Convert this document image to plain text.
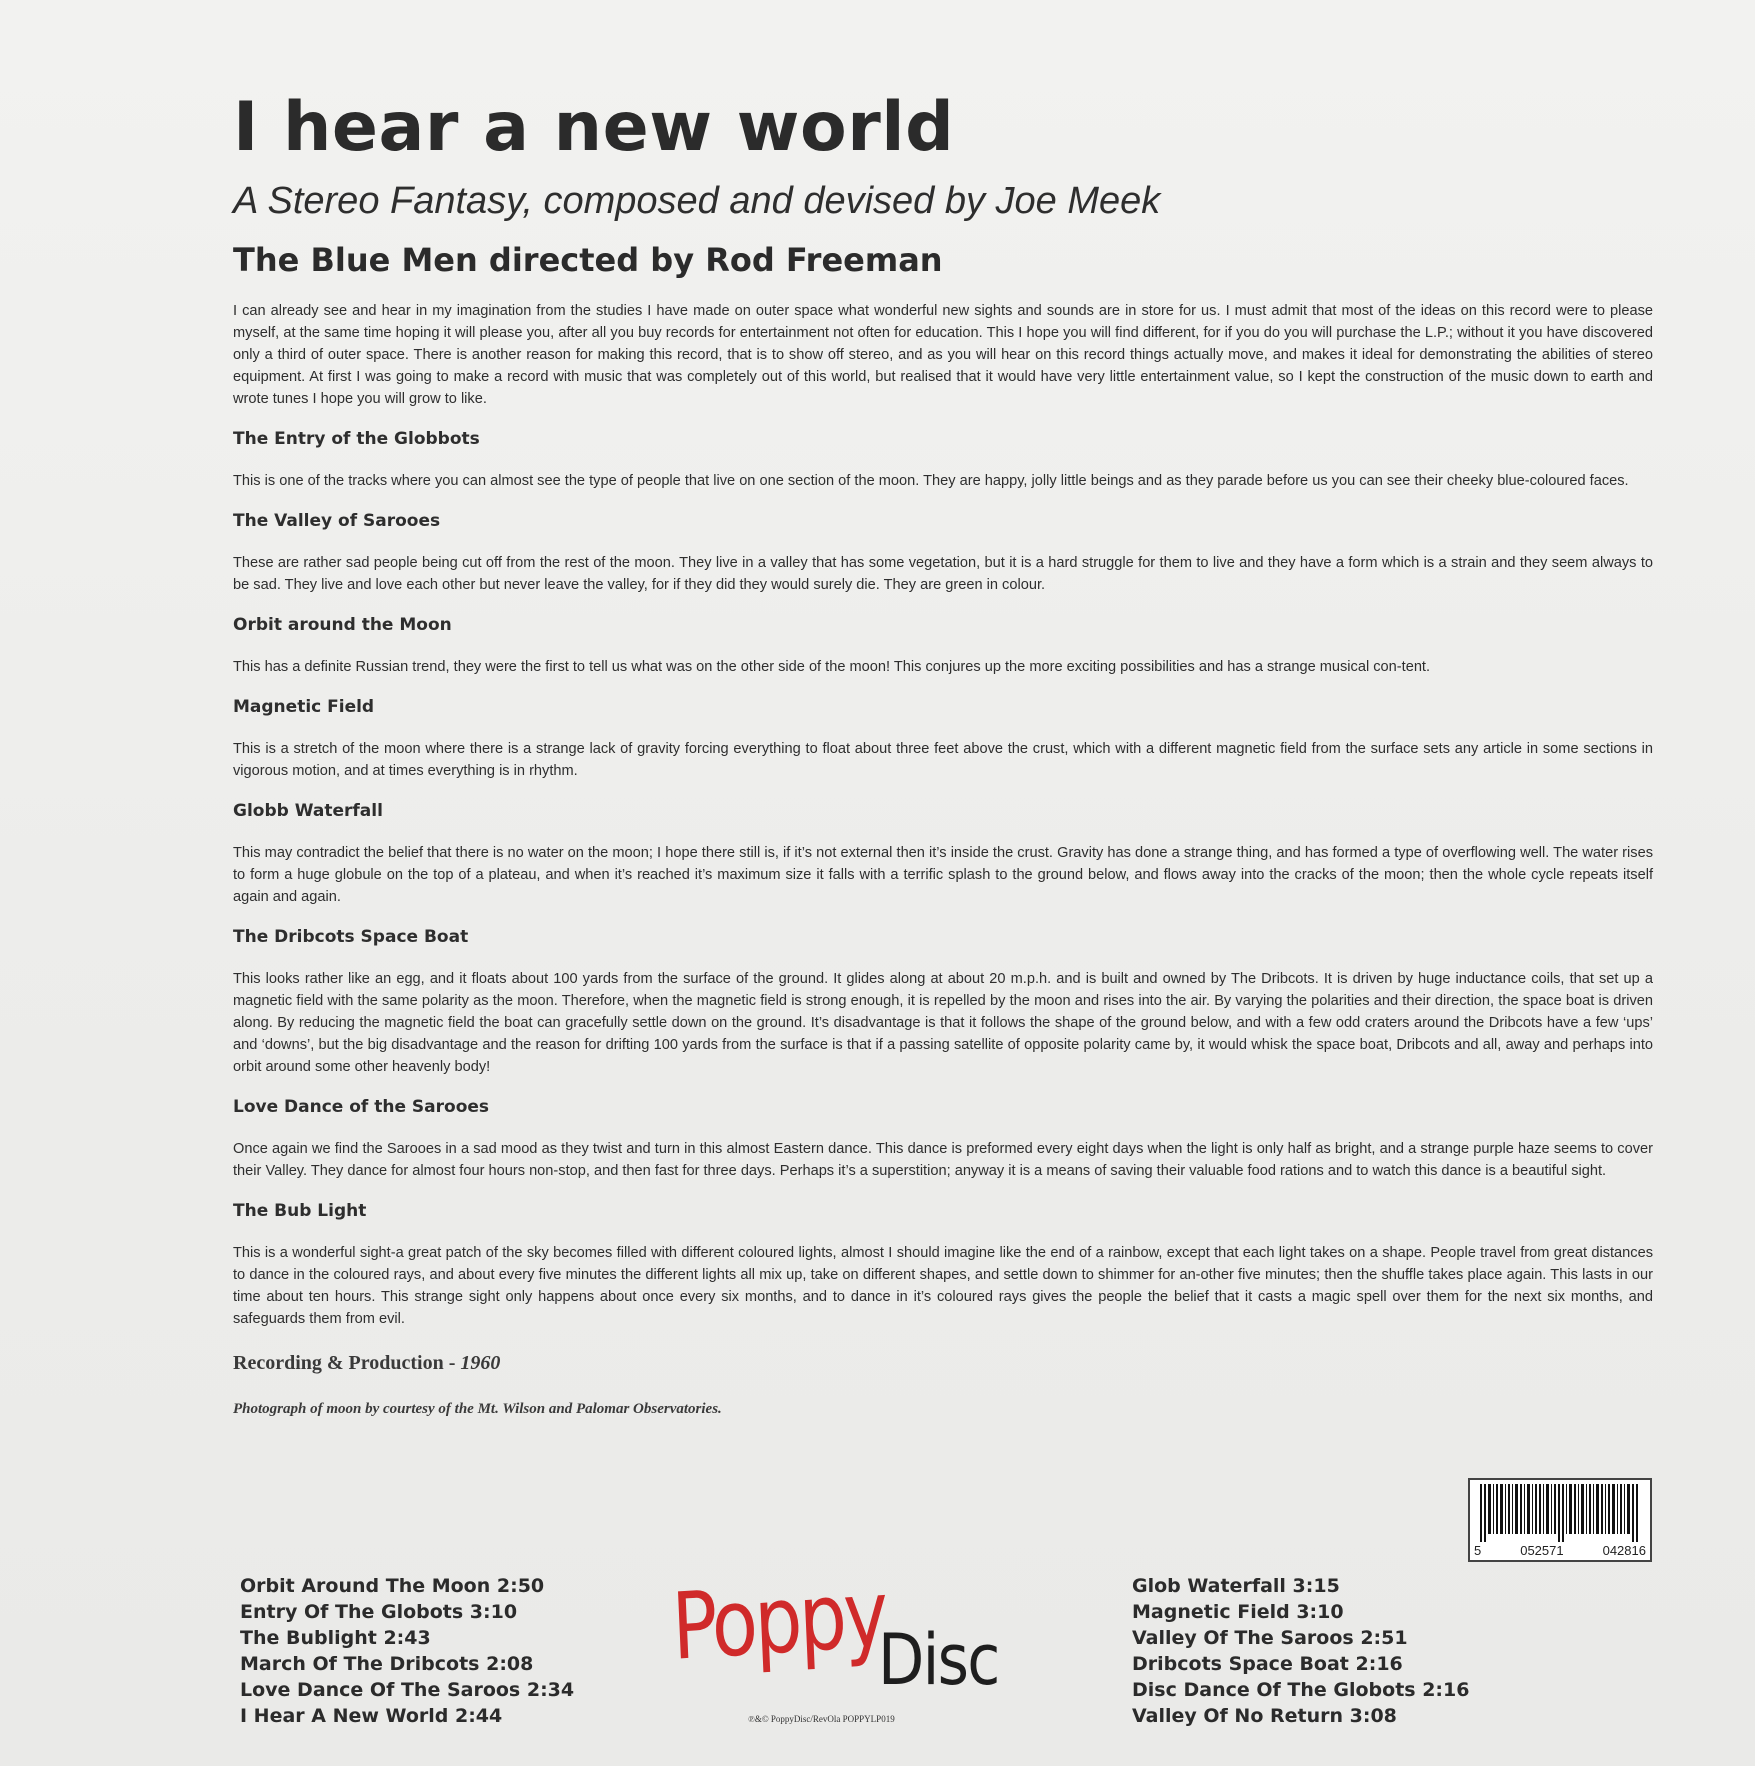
I hear a new world
A Stereo Fantasy, composed and devised by Joe Meek
The Blue Men directed by Rod Freeman

I can already see and hear in my imagination from the studies I have made on outer space what wonderful new sights and sounds are in store for us. I must admit that most of the ideas on this record were to please myself, at the same time hoping it will please you, after all you buy records for entertainment not often for education. This I hope you will find different, for if you do you will purchase the L.P.; without it you have discovered only a third of outer space. There is another reason for making this record, that is to show off stereo, and as you will hear on this record things actually move, and makes it ideal for demonstrating the abilities of stereo equipment. At first I was going to make a record with music that was completely out of this world, but realised that it would have very little entertainment value, so I kept the construction of the music down to earth and wrote tunes I hope you will grow to like.

The Entry of the Globbots

This is one of the tracks where you can almost see the type of people that live on one section of the moon. They are happy, jolly little beings and as they parade before us you can see their cheeky blue-coloured faces.

The Valley of Sarooes

These are rather sad people being cut off from the rest of the moon. They live in a valley that has some vegetation, but it is a hard struggle for them to live and they have a form which is a strain and they seem always to be sad. They live and love each other but never leave the valley, for if they did they would surely die. They are green in colour.

Orbit around the Moon

This has a definite Russian trend, they were the first to tell us what was on the other side of the moon! This conjures up the more exciting possibilities and has a strange musical con-tent.

Magnetic Field

This is a stretch of the moon where there is a strange lack of gravity forcing everything to float about three feet above the crust, which with a different magnetic field from the surface sets any article in some sections in vigorous motion, and at times everything is in rhythm.

Globb Waterfall

This may contradict the belief that there is no water on the moon; I hope there still is, if it’s not external then it’s inside the crust. Gravity has done a strange thing, and has formed a type of overflowing well. The water rises to form a huge globule on the top of a plateau, and when it’s reached it’s maximum size it falls with a terrific splash to the ground below, and flows away into the cracks of the moon; then the whole cycle repeats itself again and again.

The Dribcots Space Boat

This looks rather like an egg, and it floats about 100 yards from the surface of the ground. It glides along at about 20 m.p.h. and is built and owned by The Dribcots. It is driven by huge inductance coils, that set up a magnetic field with the same polarity as the moon. Therefore, when the magnetic field is strong enough, it is repelled by the moon and rises into the air. By varying the polarities and their direction, the space boat is driven along. By reducing the magnetic field the boat can gracefully settle down on the ground. It’s disadvantage is that it follows the shape of the ground below, and with a few odd craters around the Dribcots have a few ‘ups’ and ‘downs’, but the big disadvantage and the reason for drifting 100 yards from the surface is that if a passing satellite of opposite polarity came by, it would whisk the space boat, Dribcots and all, away and perhaps into orbit around some other heavenly body!

Love Dance of the Sarooes

Once again we find the Sarooes in a sad mood as they twist and turn in this almost Eastern dance. This dance is preformed every eight days when the light is only half as bright, and a strange purple haze seems to cover their Valley. They dance for almost four hours non-stop, and then fast for three days. Perhaps it’s a superstition; anyway it is a means of saving their valuable food rations and to watch this dance is a beautiful sight.

The Bub Light

This is a wonderful sight-a great patch of the sky becomes filled with different coloured lights, almost I should imagine like the end of a rainbow, except that each light takes on a shape. People travel from great distances to dance in the coloured rays, and about every five minutes the different lights all mix up, take on different shapes, and settle down to shimmer for an-other five minutes; then the shuffle takes place again. This lasts in our time about ten hours. This strange sight only happens about once every six months, and to dance in it’s coloured rays gives the people the belief that it casts a magic spell over them for the next six months, and safeguards them from evil.

Recording & Production - 1960
Photograph of moon by courtesy of the Mt. Wilson and Palomar Observatories.
5	052571	042816
Orbit Around The Moon 2:50
Entry Of The Globots 3:10
The Bublight 2:43
March Of The Dribcots 2:08
Love Dance Of The Saroos 2:34
I Hear A New World 2:44
Poppy
Disc
℗&© PoppyDisc/RevOla POPPYLP019
Glob Waterfall 3:15
Magnetic Field 3:10
Valley Of The Saroos 2:51
Dribcots Space Boat 2:16
Disc Dance Of The Globots 2:16
Valley Of No Return 3:08
